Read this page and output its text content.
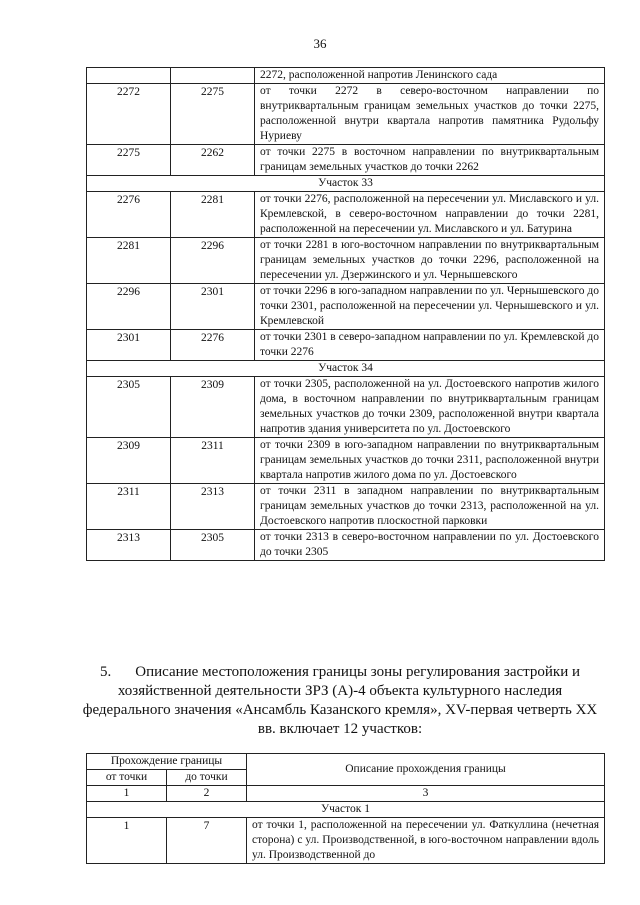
36
		2272, расположенной напротив Ленинского сада
2272	2275	от точки 2272 в северо-восточном направлении по внутриквартальным границам земельных участков до точки 2275, расположенной внутри квартала напротив памятника Рудольфу Нуриеву
2275	2262	от точки 2275 в восточном направлении по внутриквартальным границам земельных участков до точки 2262
Участок 33		
2276	2281	от точки 2276, расположенной на пересечении ул. Миславского и ул. Кремлевской, в северо-восточном направлении до точки 2281, расположенной на пересечении ул. Миславского и ул. Батурина
2281	2296	от точки 2281 в юго-восточном направлении по внутриквартальным границам земельных участков до точки 2296, расположенной на пересечении ул. Дзержинского и ул. Чернышевского
2296	2301	от точки 2296 в юго-западном направлении по ул. Чернышевского до точки 2301, расположенной на пересечении ул. Чернышевского и ул. Кремлевской
2301	2276	от точки 2301 в северо-западном направлении по ул. Кремлевской до точки 2276
Участок 34		
2305	2309	от точки 2305, расположенной на ул. Достоевского напротив жилого дома, в восточном направлении по внутриквартальным границам земельных участков до точки 2309, расположенной внутри квартала напротив здания университета по ул. Достоевского
2309	2311	от точки 2309 в юго-западном направлении по внутриквартальным границам земельных участков до точки 2311, расположенной внутри квартала напротив жилого дома по ул. Достоевского
2311	2313	от точки 2311 в западном направлении по внутриквартальным границам земельных участков до точки 2313, расположенной на ул. Достоевского напротив плоскостной парковки
2313	2305	от точки 2313 в северо-восточном направлении по ул. Достоевского до точки 2305
5. Описание местоположения границы зоны регулирования застройки и хозяйственной деятельности ЗРЗ (А)-4 объекта культурного наследия федерального значения «Ансамбль Казанского кремля», XV-первая четверть XX вв. включает 12 участков:
Прохождение границы		Описание прохождения границы
от точки	до точки	
1	2	3
Участок 1		
1	7	от точки 1, расположенной на пересечении ул. Фаткуллина (нечетная сторона) с ул. Производственной, в юго-восточном направлении вдоль ул. Производственной до
